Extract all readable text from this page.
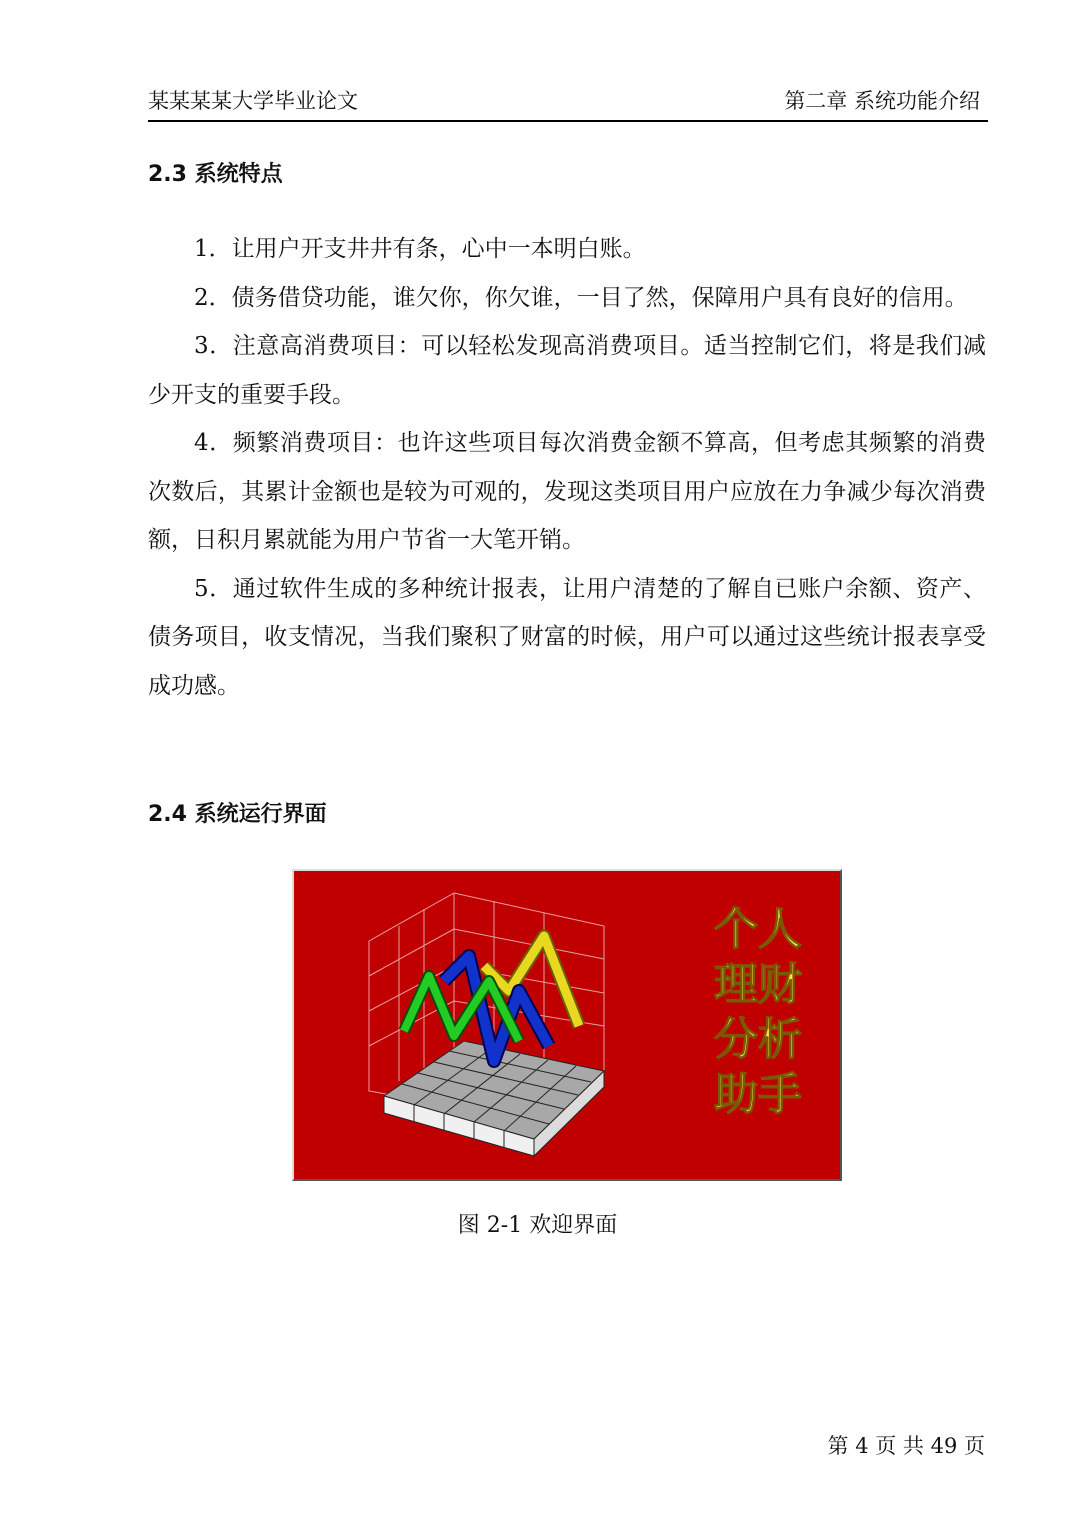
某某某某大学毕业论文	第二章 系统功能介绍
2.3 系统特点

1．让用户开支井井有条，心中一本明白账。

2．债务借贷功能，谁欠你，你欠谁，一目了然，保障用户具有良好的信用。

3．注意高消费项目：可以轻松发现高消费项目。适当控制它们，将是我们减少开支的重要手段。

4．频繁消费项目：也许这些项目每次消费金额不算高，但考虑其频繁的消费次数后，其累计金额也是较为可观的，发现这类项目用户应放在力争减少每次消费额，日积月累就能为用户节省一大笔开销。

5．通过软件生成的多种统计报表，让用户清楚的了解自已账户余额、资产、债务项目，收支情况，当我们聚积了财富的时候，用户可以通过这些统计报表享受成功感。

2.4 系统运行界面
个人
理财
分析
助手
图 2-1 欢迎界面
第 4 页 共 49 页
